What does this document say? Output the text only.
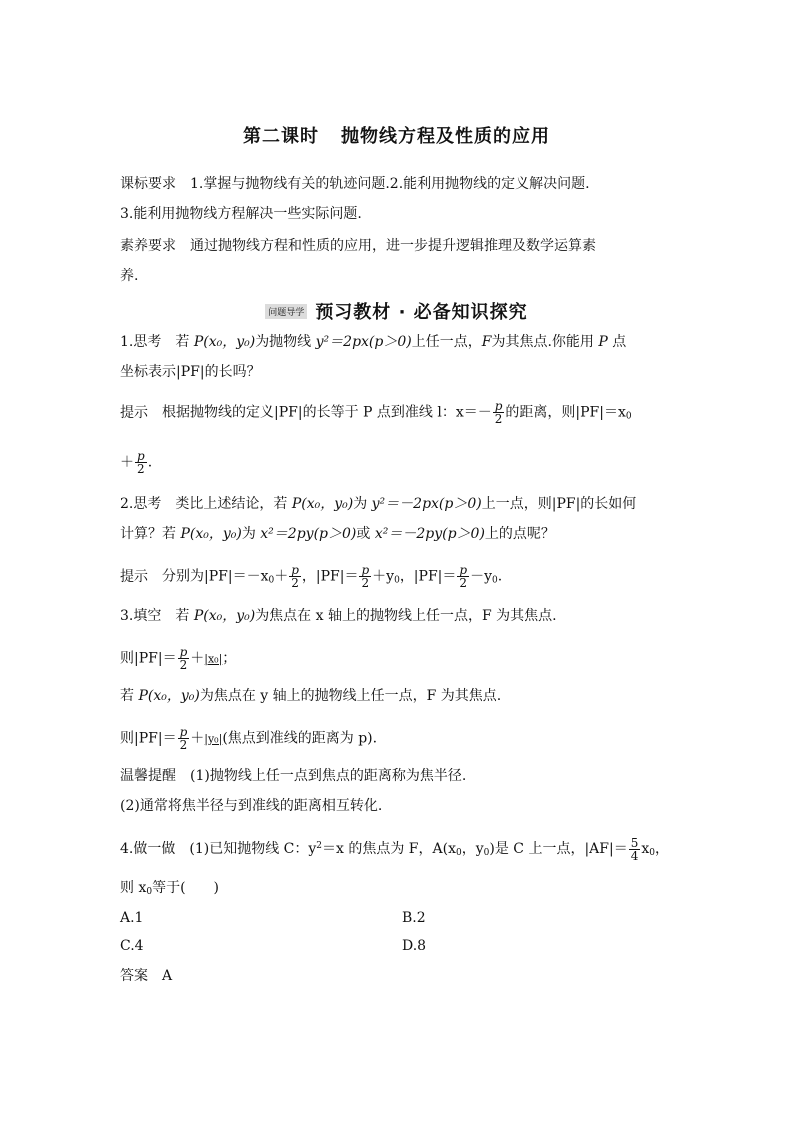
第二课时 抛物线方程及性质的应用
课标要求 1.掌握与抛物线有关的轨迹问题.2.能利用抛物线的定义解决问题.
3.能利用抛物线方程解决一些实际问题.
素养要求 通过抛物线方程和性质的应用，进一步提升逻辑推理及数学运算素
养.
问题导学 预习教材 · 必备知识探究
1.思考 若 P(x₀，y₀)为抛物线 y²＝2px(p＞0)上任一点，F为其焦点.你能用 P 点
坐标表示|PF|的长吗？
提示 根据抛物线的定义|PF|的长等于 P 点到准线 l：$x=- \frac{p}{2}$ 的距离，则$|PF|=x_0$
＋ $\frac{p}{2}$ .
2.思考 类比上述结论，若 P(x₀，y₀)为 y²＝－2px(p＞0)上一点，则|PF|的长如何
计算？若 P(x₀，y₀)为 x²＝2py(p＞0)或 x²＝－2py(p＞0)上的点呢？
提示 分别为$|PF|=-x_0+ \frac{p}{2}$ ，$|PF|= \frac{p}{2} +y_0$，$|PF|= \frac{p}{2} -y_0$.
3.填空 若 P(x₀，y₀)为焦点在 x 轴上的抛物线上任一点，F 为其焦点.
则$|PF|= \frac{p}{2} +|x_0|$；
若 P(x₀，y₀)为焦点在 y 轴上的抛物线上任一点，F 为其焦点.
则$|PF|= \frac{p}{2} +|y_0|$(焦点到准线的距离为 p).
温馨提醒 (1)抛物线上任一点到焦点的距离称为焦半径.
(2)通常将焦半径与到准线的距离相互转化.
4.做一做 (1)已知抛物线 C：$y^2=x$ 的焦点为 F，$A(x_0$，$y_0$)是 C 上一点，$|AF|= \frac{5}{4} x_0$，
则 $x_0$等于(　　)
A.1	B.2
C.4	D.8
答案 A
